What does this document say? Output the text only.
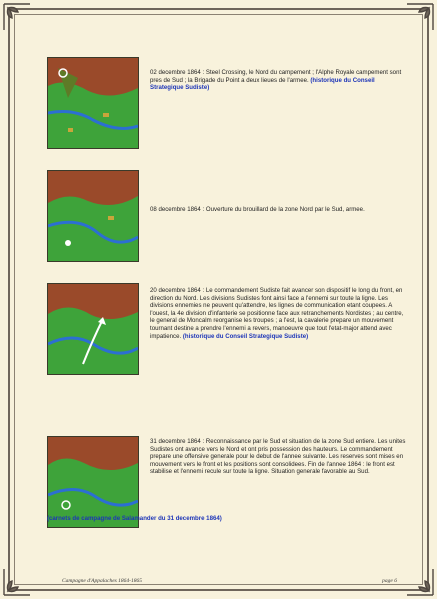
02 decembre 1864 : Steel Crossing, le Nord du campement ; l'Alphe Royale campement sont pres de Sud ; la Brigade du Point a deux lieues de l'armee. (historique du Conseil Strategique Sudiste)
08 decembre 1864 : Ouverture du brouillard de la zone Nord par le Sud, armee.
20 decembre 1864 : Le commandement Sudiste fait avancer son dispositif le long du front, en direction du Nord. Les divisions Sudistes font ainsi face a l'ennemi sur toute la ligne. Les divisions ennemies ne peuvent qu'attendre, les lignes de communication etant coupees. A l'ouest, la 4e division d'infanterie se positionne face aux retranchements Nordistes ; au centre, le general de Moncalm reorganise les troupes ; a l'est, la cavalerie prepare un mouvement tournant destine a prendre l'ennemi a revers, manoeuvre que tout l'etat-major attend avec impatience. (historique du Conseil Strategique Sudiste)
31 decembre 1864 : Reconnaissance par le Sud et situation de la zone Sud entiere. Les unites Sudistes ont avance vers le Nord et ont pris possession des hauteurs. Le commandement prepare une offensive generale pour le debut de l'annee suivante. Les reserves sont mises en mouvement vers le front et les positions sont consolidees. Fin de l'annee 1864 : le front est stabilise et l'ennemi recule sur toute la ligne. Situation generale favorable au Sud.
(carnets de campagne de Salamander du 31 decembre 1864)
Campagne d'Appalaches 1864-1865	page 6
